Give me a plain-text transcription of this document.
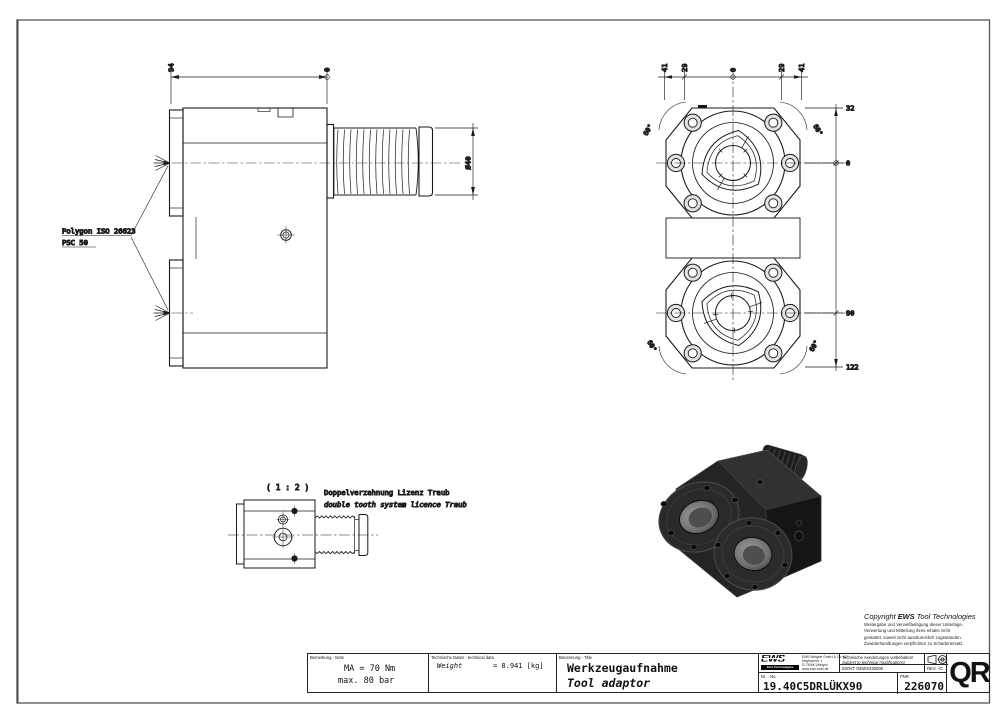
Polygon ISO 26623
PSC 50
94	0
Ø40
41 29	0	29 41
32
0
90
122
60°	60°
60°	60°
( 1 : 2 )
Doppelverzahnung Lizenz Traub
double tooth system licence Traub
Copyright EWS Tool Technologies
Weitergabe und Vervielfaeltigung dieser Unterlage,
Verwertung und Mitteilung ihres Inhalts nicht
gestattet, soweit nicht ausdruecklich zugestanden.
Zuwiderhandlungen verpflichten zu Schadenersatz.
Bemerkung - Note
MA = 70 Nm
max. 80 bar
Technische Daten - technical data
Weight	= 8.941 [kg]
Benennung - Title
Werkzeugaufnahme
Tool adaptor
EWS
Tool Technologies
EWS Weigele GmbH & Co. KG
Maybachstr. 1
D-73066 Uhingen
www.ews-tools.de
Technische Aenderungen vorbehalten!
Subject to technical modifications!
IDENT: DEWS226006	REV. -/C
Nr. - No.
19.40C5DRLÜKX90
PNR
226070 QR
